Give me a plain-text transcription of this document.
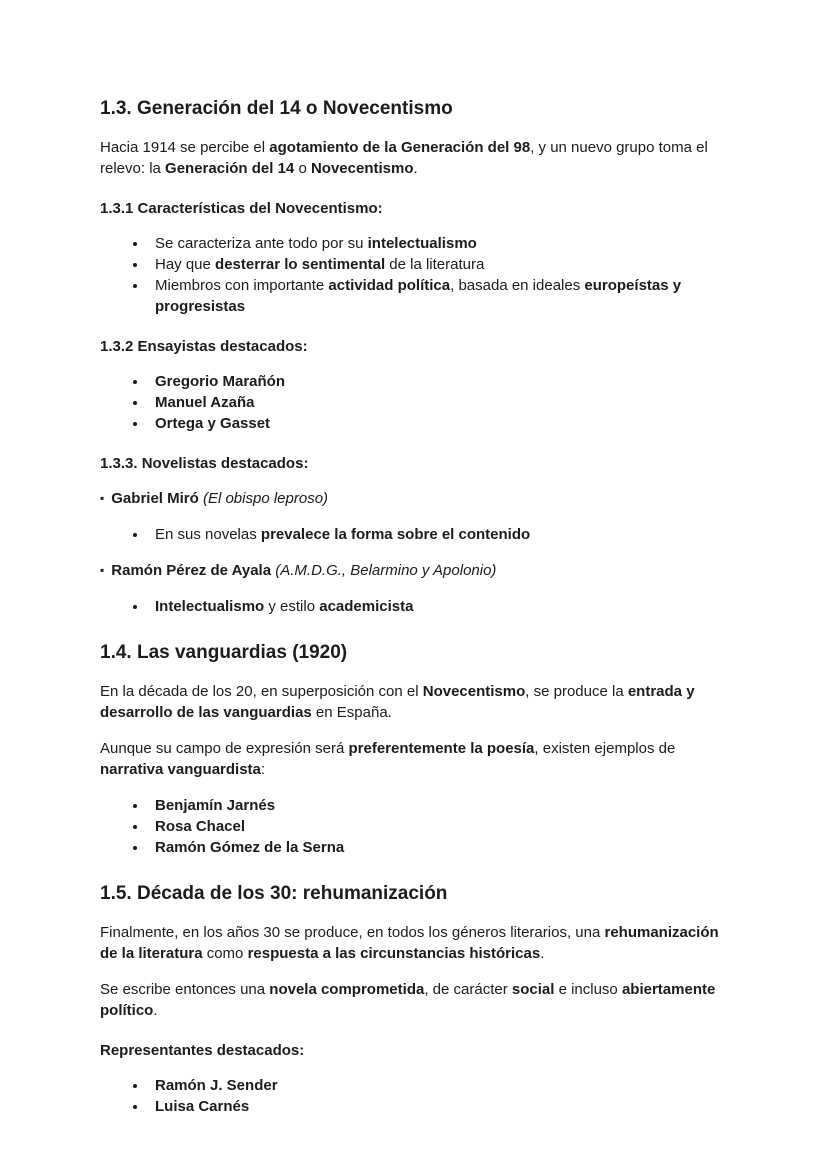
1.3. Generación del 14 o Novecentismo

Hacia 1914 se percibe el agotamiento de la Generación del 98, y un nuevo grupo toma el relevo: la Generación del 14 o Novecentismo.

1.3.1 Características del Novecentismo:
• Se caracteriza ante todo por su intelectualismo
• Hay que desterrar lo sentimental de la literatura
• Miembros con importante actividad política, basada en ideales europeístas y progresistas
1.3.2 Ensayistas destacados:
• Gregorio Marañón
• Manuel Azaña
• Ortega y Gasset
1.3.3. Novelistas destacados:

▪ Gabriel Miró (El obispo leproso)

• En sus novelas prevalece la forma sobre el contenido

▪ Ramón Pérez de Ayala (A.M.D.G., Belarmino y Apolonio)

• Intelectualismo y estilo academicista
1.4. Las vanguardias (1920)

En la década de los 20, en superposición con el Novecentismo, se produce la entrada y desarrollo de las vanguardias en España.

Aunque su campo de expresión será preferentemente la poesía, existen ejemplos de narrativa vanguardista:

• Benjamín Jarnés
• Rosa Chacel
• Ramón Gómez de la Serna
1.5. Década de los 30: rehumanización

Finalmente, en los años 30 se produce, en todos los géneros literarios, una rehumanización de la literatura como respuesta a las circunstancias históricas.

Se escribe entonces una novela comprometida, de carácter social e incluso abiertamente político.

Representantes destacados:
• Ramón J. Sender
• Luisa Carnés
